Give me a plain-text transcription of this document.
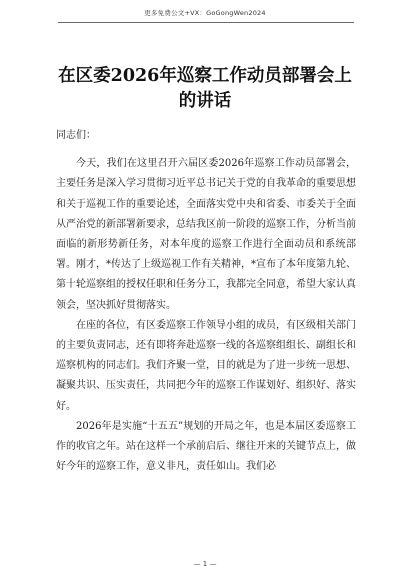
更多免费公文+VX：GoGongWen2024
在区委2026年巡察工作动员部署会上的讲话

同志们：

今天，我们在这里召开六届区委2026年巡察工作动员部署会，主要任务是深入学习贯彻习近平总书记关于党的自我革命的重要思想和关于巡视工作的重要论述，全面落实党中央和省委、市委关于全面从严治党的新部署新要求，总结我区前一阶段的巡察工作，分析当前面临的新形势新任务，对本年度的巡察工作进行全面动员和系统部署。刚才，*传达了上级巡视工作有关精神，*宣布了本年度第九轮、第十轮巡察组的授权任职和任务分工，我都完全同意，希望大家认真领会，坚决抓好贯彻落实。

在座的各位，有区委巡察工作领导小组的成员，有区级相关部门的主要负责同志，还有即将奔赴巡察一线的各巡察组组长、副组长和巡察机构的同志们。我们齐聚一堂，目的就是为了进一步统一思想、凝聚共识、压实责任，共同把今年的巡察工作谋划好、组织好、落实好。

2026年是实施“十五五”规划的开局之年，也是本届区委巡察工作的收官之年。站在这样一个承前启后、继往开来的关键节点上，做好今年的巡察工作，意义非凡，责任如山。我们必

— 1 —
